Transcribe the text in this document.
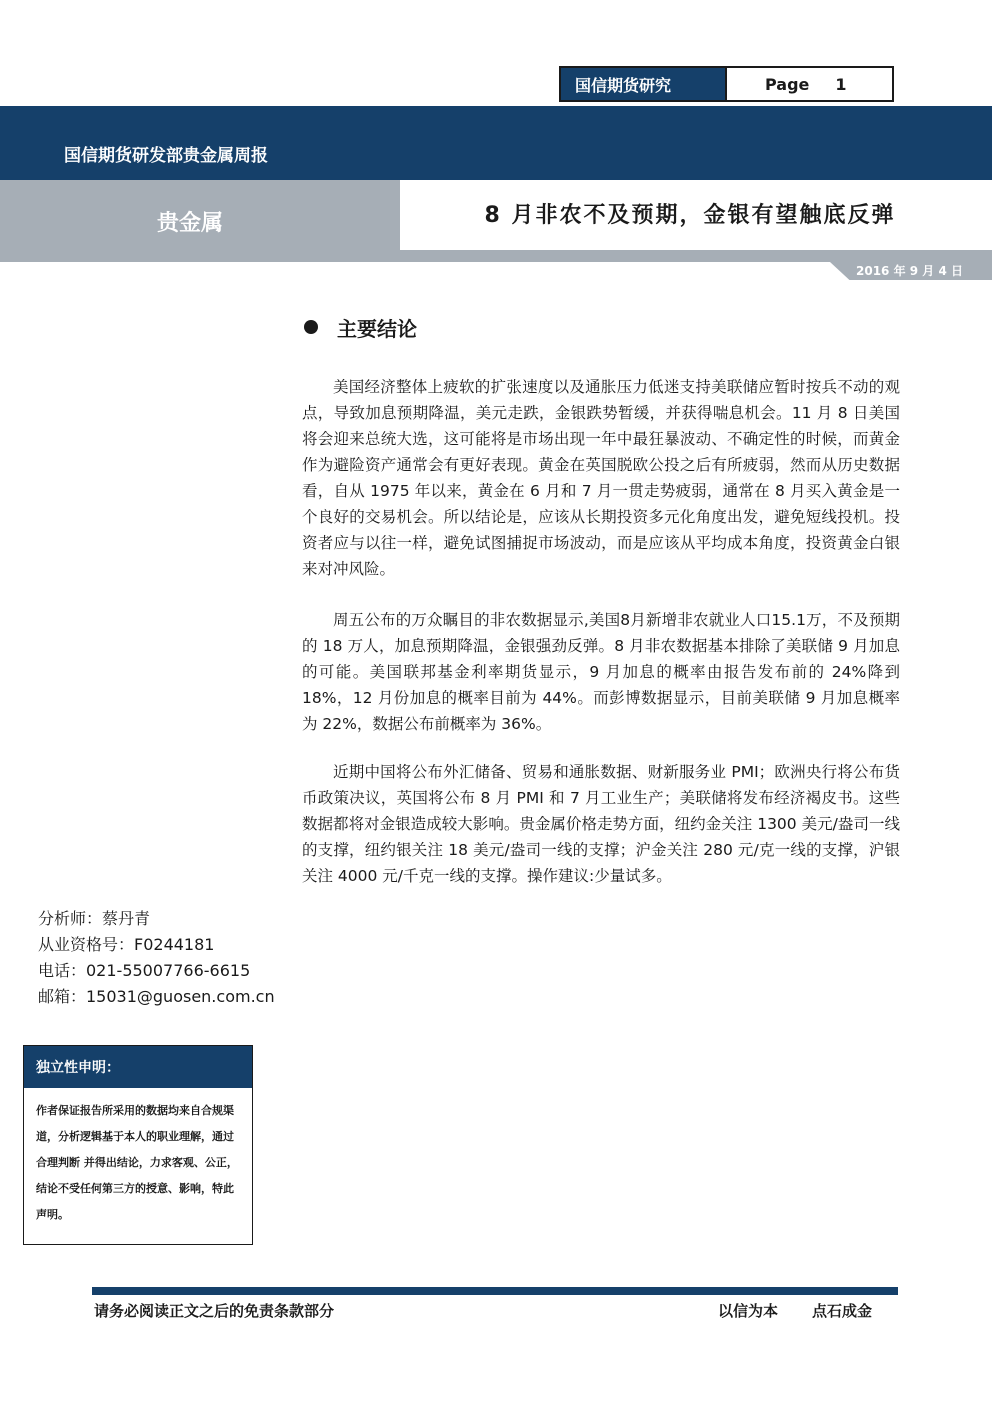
国信期货研究	Page 1
国信期货研发部贵金属周报
贵金属	8 月非农不及预期，金银有望触底反弹
2016 年 9 月 4 日
主要结论
美国经济整体上疲软的扩张速度以及通胀压力低迷支持美联储应暂时按兵不动的观点，导致加息预期降温，美元走跌，金银跌势暂缓，并获得喘息机会。11 月 8 日美国将会迎来总统大选，这可能将是市场出现一年中最狂暴波动、不确定性的时候，而黄金作为避险资产通常会有更好表现。黄金在英国脱欧公投之后有所疲弱，然而从历史数据看，自从 1975 年以来，黄金在 6 月和 7 月一贯走势疲弱，通常在 8 月买入黄金是一个良好的交易机会。所以结论是，应该从长期投资多元化角度出发，避免短线投机。投资者应与以往一样，避免试图捕捉市场波动，而是应该从平均成本角度，投资黄金白银来对冲风险。
周五公布的万众瞩目的非农数据显示,美国8月新增非农就业人口15.1万，不及预期的 18 万人，加息预期降温，金银强劲反弹。8 月非农数据基本排除了美联储 9 月加息的可能。美国联邦基金利率期货显示，9 月加息的概率由报告发布前的 24%降到 18%，12 月份加息的概率目前为 44%。而彭博数据显示，目前美联储 9 月加息概率为 22%，数据公布前概率为 36%。
近期中国将公布外汇储备、贸易和通胀数据、财新服务业 PMI；欧洲央行将公布货币政策决议，英国将公布 8 月 PMI 和 7 月工业生产；美联储将发布经济褐皮书。这些数据都将对金银造成较大影响。贵金属价格走势方面，纽约金关注 1300 美元/盎司一线的支撑，纽约银关注 18 美元/盎司一线的支撑；沪金关注 280 元/克一线的支撑，沪银关注 4000 元/千克一线的支撑。操作建议:少量试多。
分析师：蔡丹青
从业资格号：F0244181
电话：021-55007766-6615
邮箱：15031@guosen.com.cn
独立性申明：
作者保证报告所采用的数据均来自合规渠道，分析逻辑基于本人的职业理解，通过合理判断 并得出结论，力求客观、公正，结论不受任何第三方的授意、影响，特此声明。
请务必阅读正文之后的免责条款部分	以信为本 点石成金
